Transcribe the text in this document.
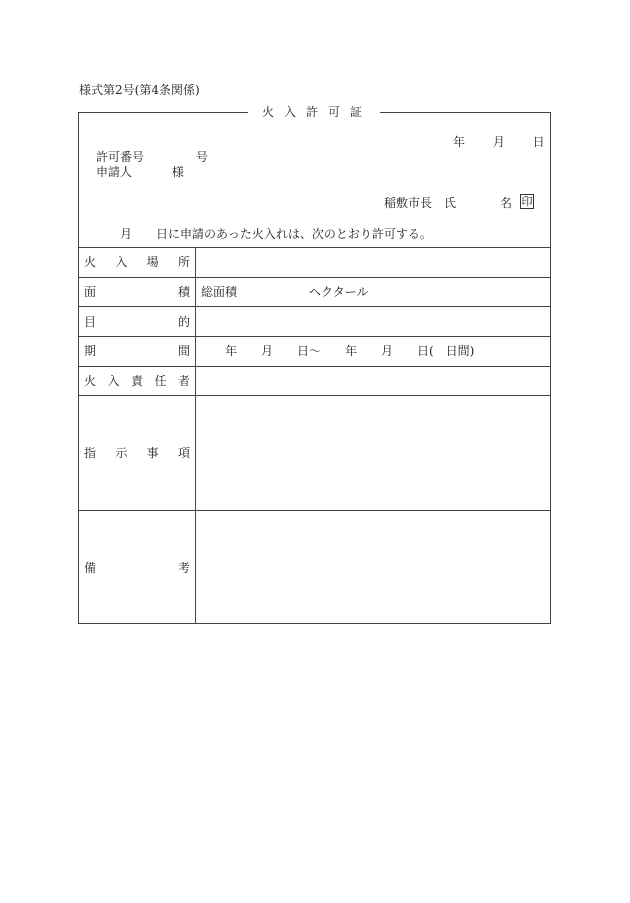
様式第2号(第4条関係)
火入許可証
年　　 月　　 日
許可番号　　　　 号
申請人　　　 様
稲敷市長　氏	名 印
月　　日に申請のあった火入れは、次のとおり許可する。
火 入 場 所
面	積 総面積　　　　　　ヘクタール
目	的
期	間	年　　月　　日～　　年　　月　　日(　日間)
火 入 責 任 者
指 示 事 項
備	考
